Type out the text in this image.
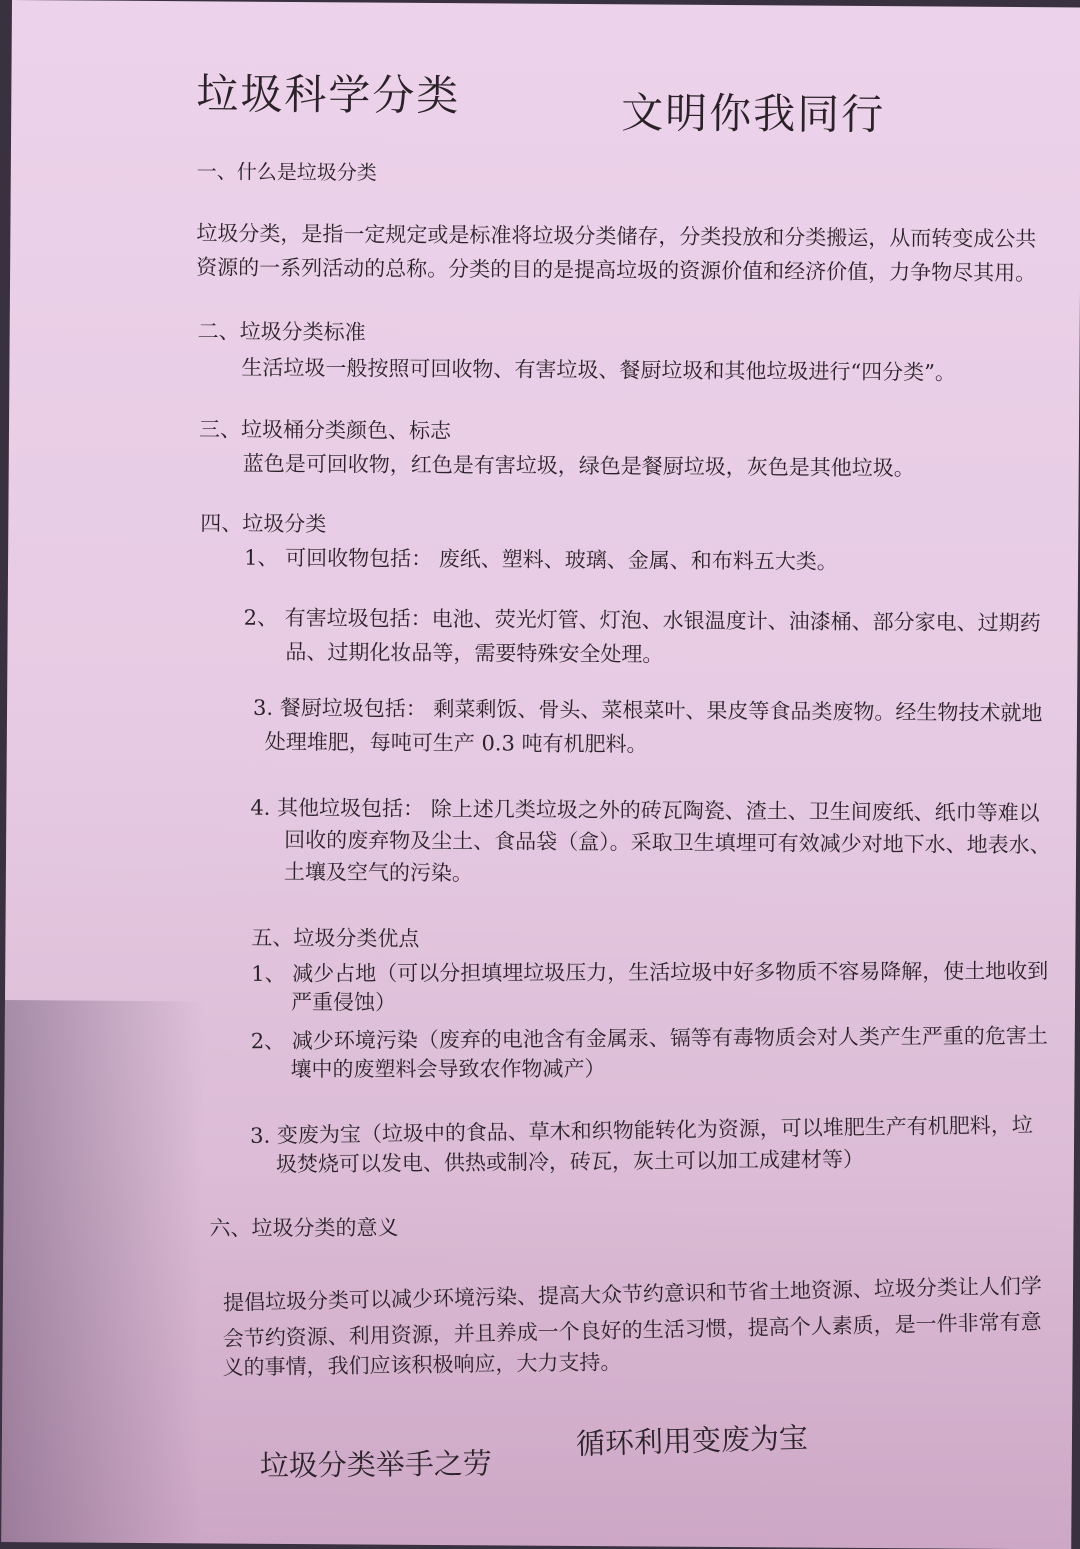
垃圾科学分类	文明你我同行
一、什么是垃圾分类
垃圾分类，是指一定规定或是标准将垃圾分类储存，分类投放和分类搬运，从而转变成公共
资源的一系列活动的总称。分类的目的是提高垃圾的资源价值和经济价值，力争物尽其用。
二、垃圾分类标准
生活垃圾一般按照可回收物、有害垃圾、餐厨垃圾和其他垃圾进行“四分类”。
三、垃圾桶分类颜色、标志
蓝色是可回收物，红色是有害垃圾，绿色是餐厨垃圾，灰色是其他垃圾。
四、垃圾分类
1、 可回收物包括： 废纸、塑料、玻璃、金属、和布料五大类。
2、 有害垃圾包括：电池、荧光灯管、灯泡、水银温度计、油漆桶、部分家电、过期药
品、过期化妆品等，需要特殊安全处理。
3. 餐厨垃圾包括： 剩菜剩饭、骨头、菜根菜叶、果皮等食品类废物。经生物技术就地
处理堆肥，每吨可生产 0.3 吨有机肥料。
4. 其他垃圾包括： 除上述几类垃圾之外的砖瓦陶瓷、渣土、卫生间废纸、纸巾等难以
回收的废弃物及尘土、食品袋（盒）。采取卫生填埋可有效减少对地下水、地表水、
土壤及空气的污染。
五、垃圾分类优点
1、 减少占地（可以分担填埋垃圾压力，生活垃圾中好多物质不容易降解，使土地收到
严重侵蚀）
2、 减少环境污染（废弃的电池含有金属汞、镉等有毒物质会对人类产生严重的危害土
壤中的废塑料会导致农作物减产）
3. 变废为宝（垃圾中的食品、草木和织物能转化为资源，可以堆肥生产有机肥料，垃
圾焚烧可以发电、供热或制冷，砖瓦，灰土可以加工成建材等）
六、垃圾分类的意义
提倡垃圾分类可以减少环境污染、提高大众节约意识和节省土地资源、垃圾分类让人们学
会节约资源、利用资源，并且养成一个良好的生活习惯，提高个人素质，是一件非常有意
义的事情，我们应该积极响应，大力支持。
垃圾分类举手之劳
循环利用变废为宝
